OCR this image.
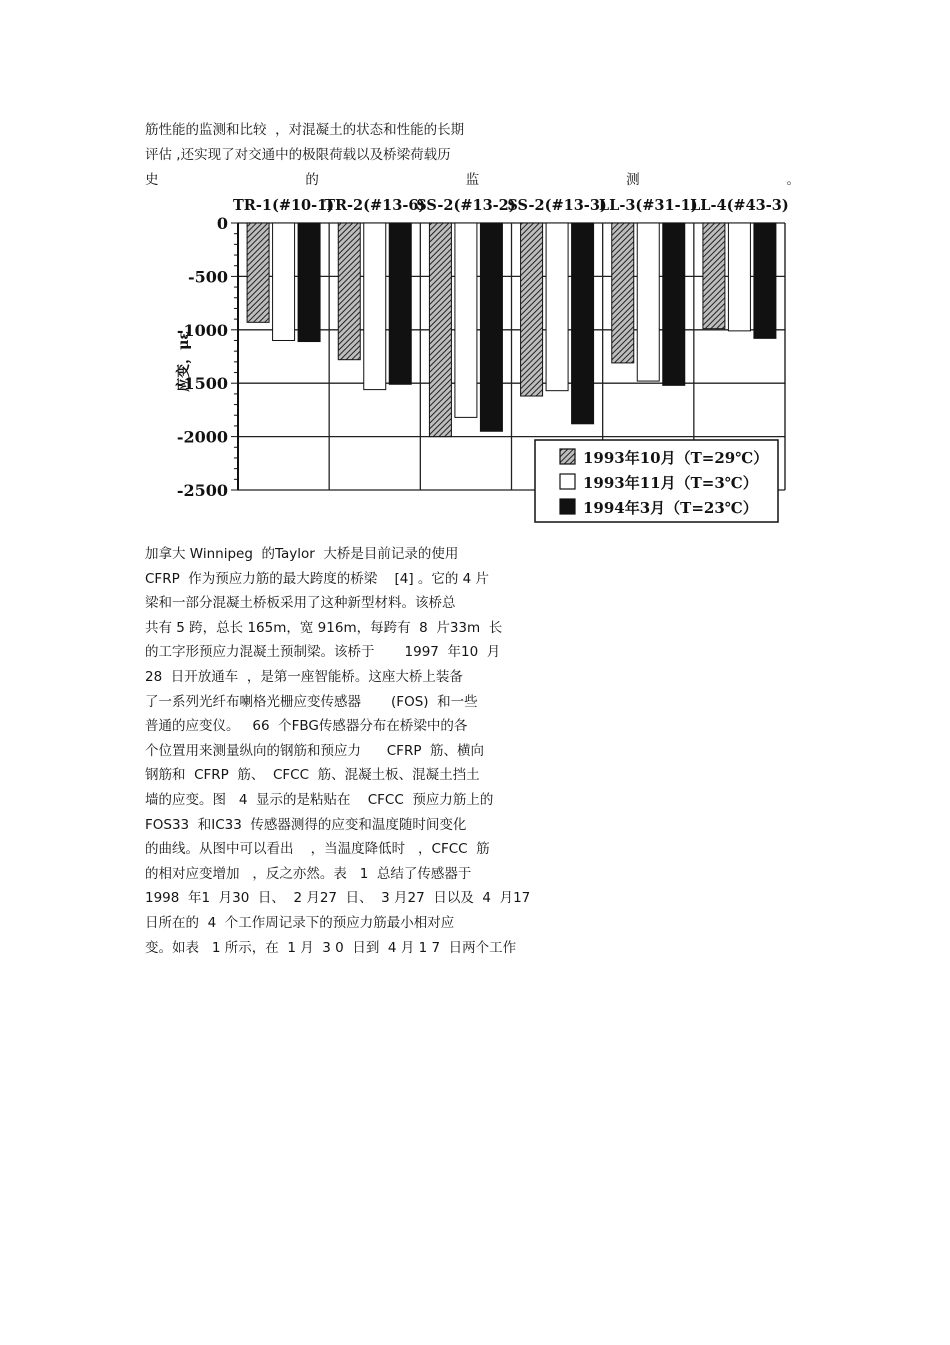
筋性能的监测和比较  ，对混凝土的状态和性能的长期
评估 ,还实现了对交通中的极限荷载以及桥梁荷载历
史	的	监	测	。
0
-500
-1000
-1500
-2000
-2500
应变，με
TR-1(#10-1)
TR-2(#13-6)
SS-2(#13-2)
SS-2(#13-3)
LL-3(#31-1)
LL-4(#43-3)
1993年10月（T=29℃）
1993年11月（T=3℃）
1994年3月（T=23℃）
加拿大 Winnipeg  的Taylor  大桥是目前记录的使用
CFRP  作为预应力筋的最大跨度的桥梁    [4] 。它的 4 片
梁和一部分混凝土桥板采用了这种新型材料。该桥总
共有 5 跨，总长 165m，宽 916m，每跨有  8  片33m  长
的工字形预应力混凝土预制梁。该桥于       1997  年10  月
28  日开放通车  ，是第一座智能桥。这座大桥上装备
了一系列光纤布喇格光栅应变传感器       (FOS)  和一些
普通的应变仪。   66  个FBG传感器分布在桥梁中的各
个位置用来测量纵向的钢筋和预应力      CFRP  筋、横向
钢筋和  CFRP  筋、  CFCC  筋、混凝土板、混凝土挡土
墙的应变。图   4  显示的是粘贴在    CFCC  预应力筋上的
FOS33  和IC33  传感器测得的应变和温度随时间变化
的曲线。从图中可以看出    ，当温度降低时   ，CFCC  筋
的相对应变增加   ，反之亦然。表   1  总结了传感器于
1998  年1  月30  日、  2 月27  日、  3 月27  日以及  4  月17
日所在的  4  个工作周记录下的预应力筋最小相对应
变。如表   1 所示，在  1 月  3 0  日到  4 月 1 7  日两个工作
